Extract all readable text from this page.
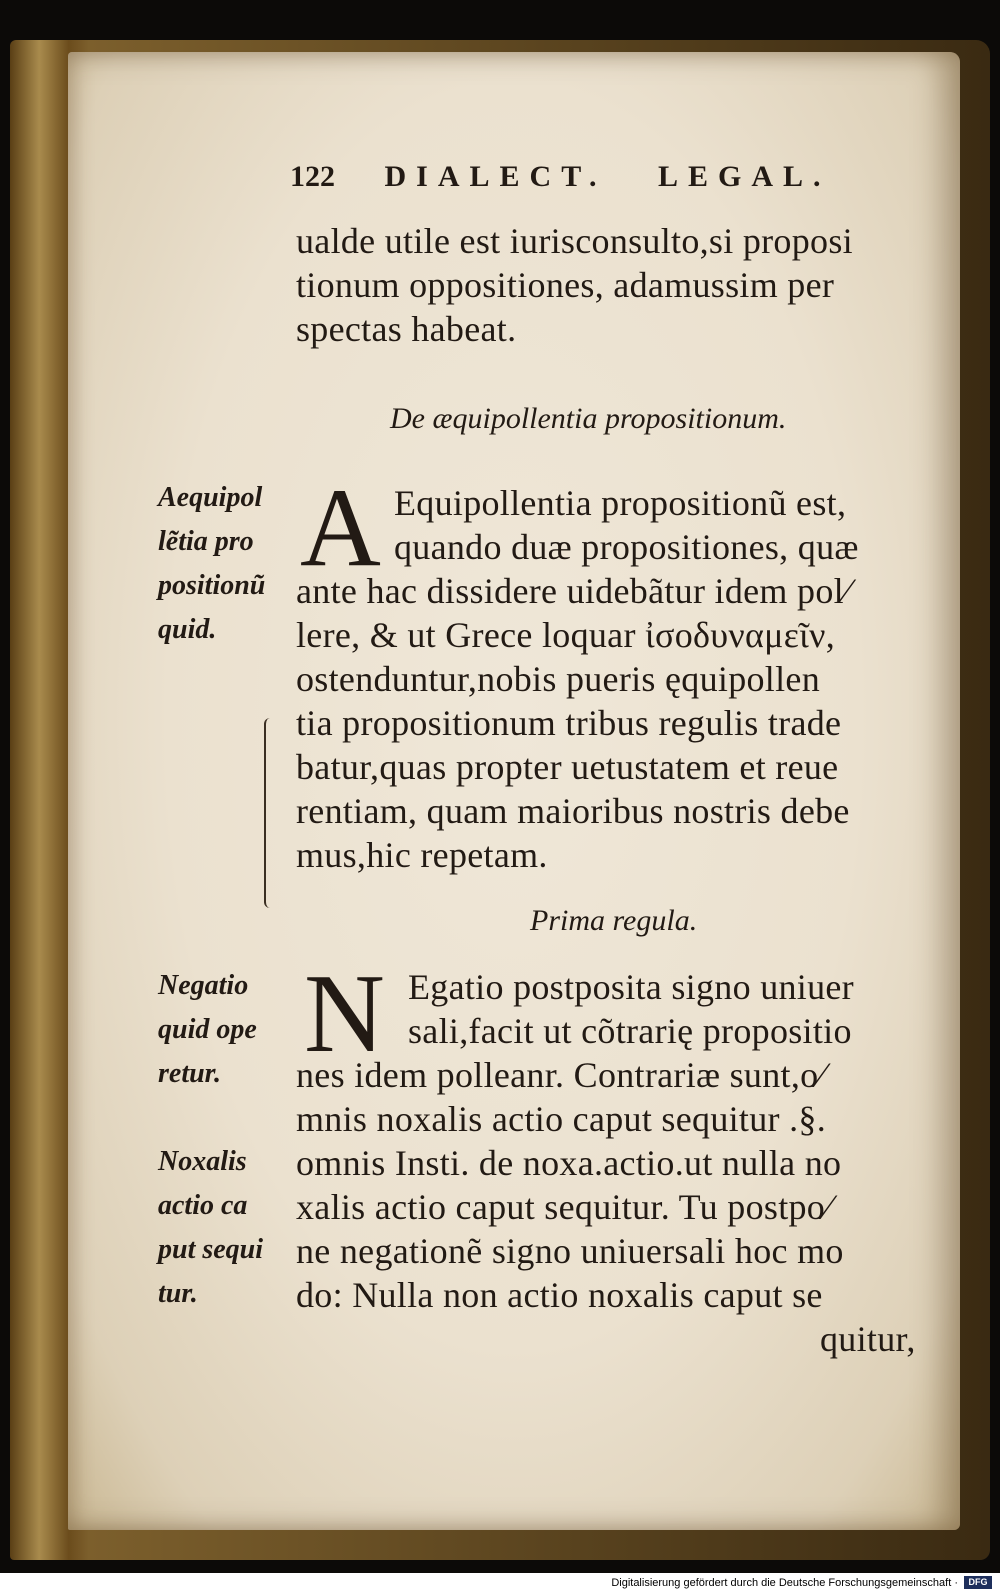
122 DIALECT. LEGAL.
ualde utile est iurisconsulto,si proposi
tionum oppositiones, adamussim per
spectas habeat.
De æquipollentia propositionum.
Aequipol
lẽtia pro
positionũ
quid.
A Equipollentia propositionũ est,
quando duæ propositiones, quæ
ante hac dissidere uidebãtur idem pol⁄
lere, & ut Grece loquar ἰσοδυναμεῖν,
ostenduntur,nobis pueris ęquipollen
tia propositionum tribus regulis trade
batur,quas propter uetustatem et reue
rentiam, quam maioribus nostris debe
mus,hic repetam.
Prima regula.
Negatio
quid ope
retur.
Noxalis
actio ca
put sequi
tur.
N Egatio postposita signo uniuer
sali,facit ut cõtrarię propositio
nes idem polleanr. Contrariæ sunt,o⁄
mnis noxalis actio caput sequitur .§.
omnis Insti. de noxa.actio.ut nulla no
xalis actio caput sequitur. Tu postpo⁄
ne negationẽ signo uniuersali hoc mo
do: Nulla non actio noxalis caput se
quitur,
Digitalisierung gefördert durch die Deutsche Forschungsgemeinschaft ·	DFG
